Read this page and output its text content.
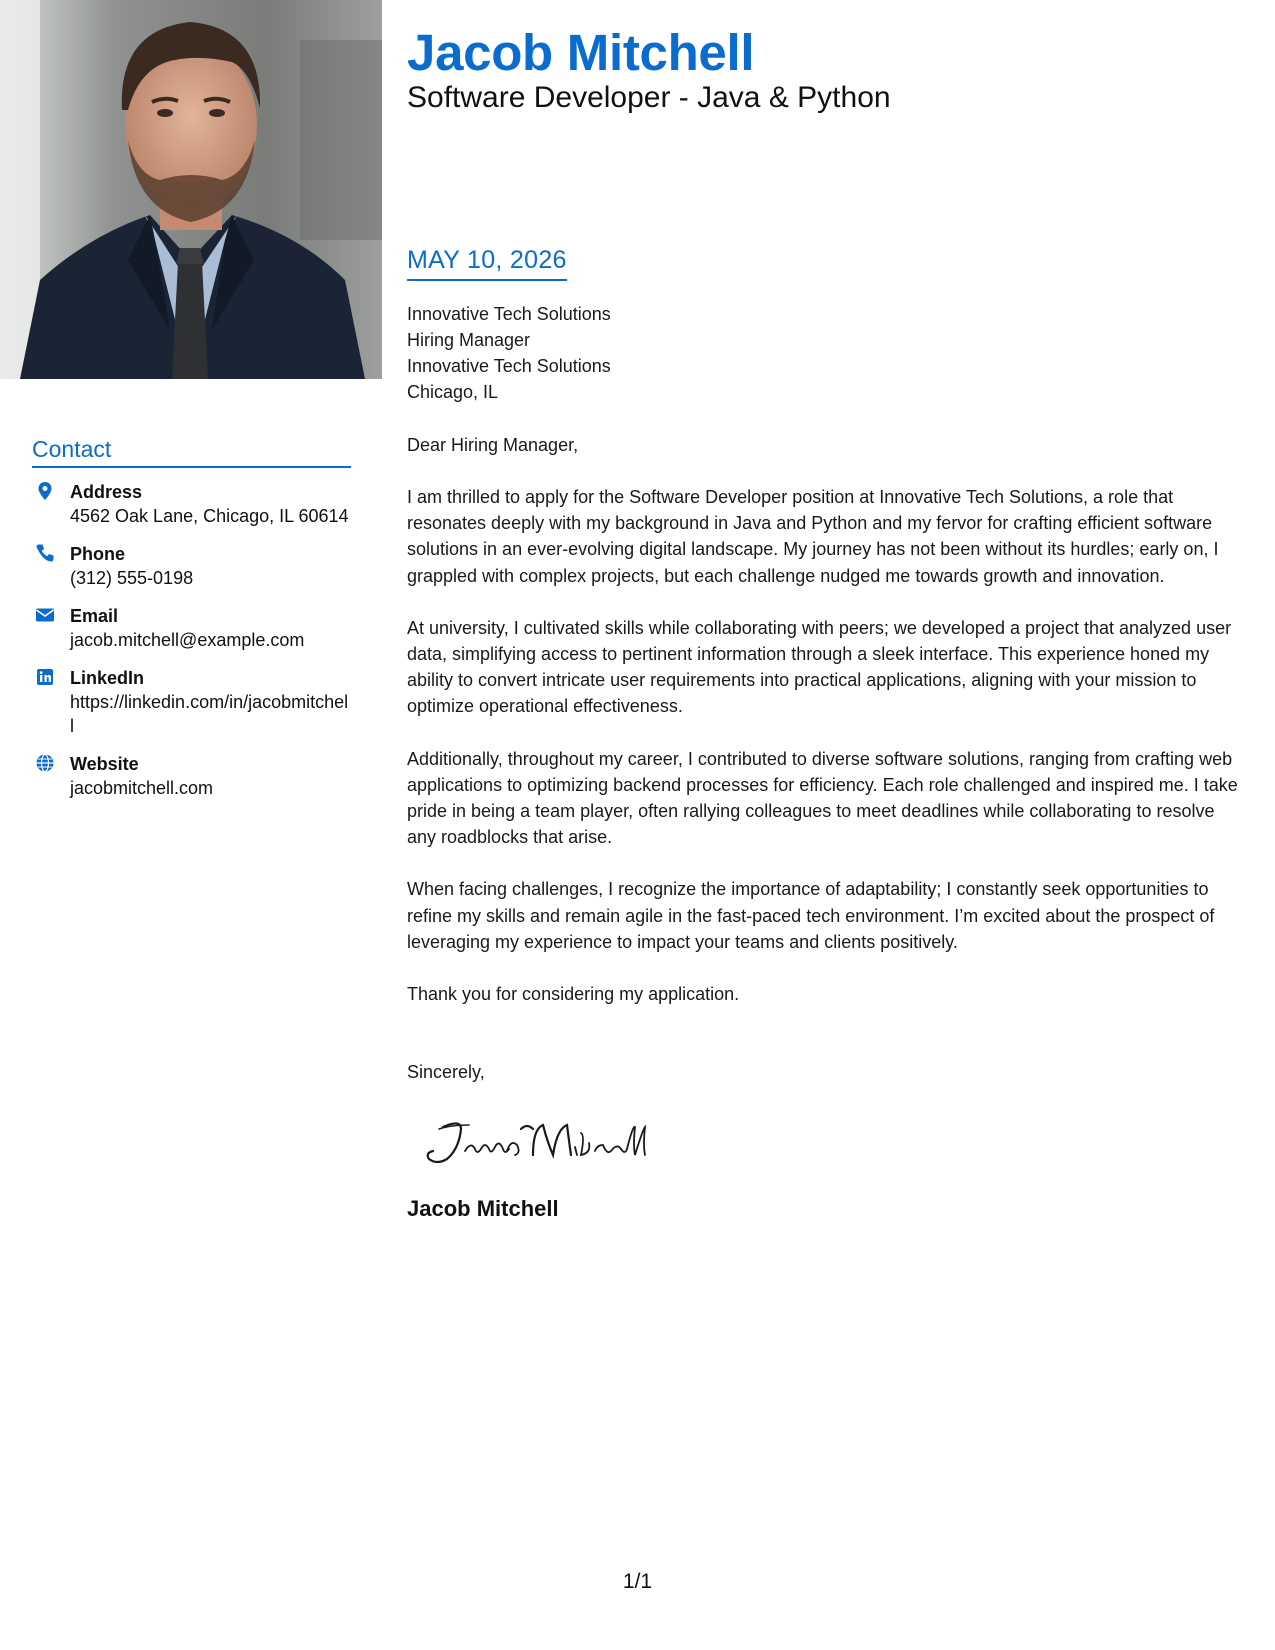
Jacob Mitchell
Software Developer - Java & Python
Contact
Address
4562 Oak Lane, Chicago, IL 60614
Phone
(312) 555-0198
Email
jacob.mitchell@example.com
LinkedIn
https://linkedin.com/in/jacobmitchell
Website
jacobmitchell.com
MAY 10, 2026
Innovative Tech Solutions
Hiring Manager
Innovative Tech Solutions
Chicago, IL
Dear Hiring Manager,
I am thrilled to apply for the Software Developer position at Innovative Tech Solutions, a role that resonates deeply with my background in Java and Python and my fervor for crafting efficient software solutions in an ever-evolving digital landscape. My journey has not been without its hurdles; early on, I grappled with complex projects, but each challenge nudged me towards growth and innovation.
At university, I cultivated skills while collaborating with peers; we developed a project that analyzed user data, simplifying access to pertinent information through a sleek interface. This experience honed my ability to convert intricate user requirements into practical applications, aligning with your mission to optimize operational effectiveness.
Additionally, throughout my career, I contributed to diverse software solutions, ranging from crafting web applications to optimizing backend processes for efficiency. Each role challenged and inspired me. I take pride in being a team player, often rallying colleagues to meet deadlines while collaborating to resolve any roadblocks that arise.
When facing challenges, I recognize the importance of adaptability; I constantly seek opportunities to refine my skills and remain agile in the fast-paced tech environment. I’m excited about the prospect of leveraging my experience to impact your teams and clients positively.
Thank you for considering my application.
Sincerely,
Jacob Mitchell
1/1
